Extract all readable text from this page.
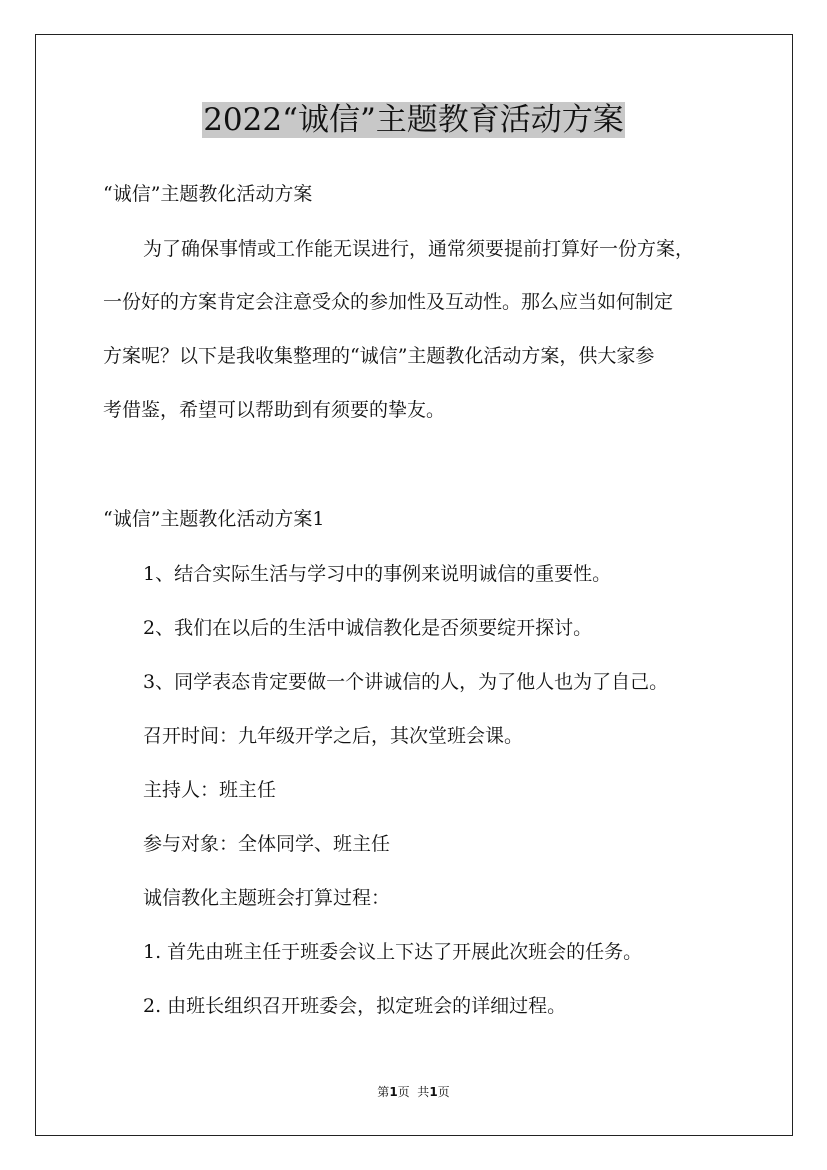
2022“诚信”主题教育活动方案
“诚信”主题教化活动方案
为了确保事情或工作能无误进行，通常须要提前打算好一份方案，
一份好的方案肯定会注意受众的参加性及互动性。那么应当如何制定
方案呢？以下是我收集整理的“诚信”主题教化活动方案，供大家参
考借鉴，希望可以帮助到有须要的挚友。
“诚信”主题教化活动方案1
1、结合实际生活与学习中的事例来说明诚信的重要性。
2、我们在以后的生活中诚信教化是否须要绽开探讨。
3、同学表态肯定要做一个讲诚信的人，为了他人也为了自己。
召开时间：九年级开学之后，其次堂班会课。
主持人：班主任
参与对象：全体同学、班主任
诚信教化主题班会打算过程：
1. 首先由班主任于班委会议上下达了开展此次班会的任务。
2. 由班长组织召开班委会，拟定班会的详细过程。
第1页  共1页
